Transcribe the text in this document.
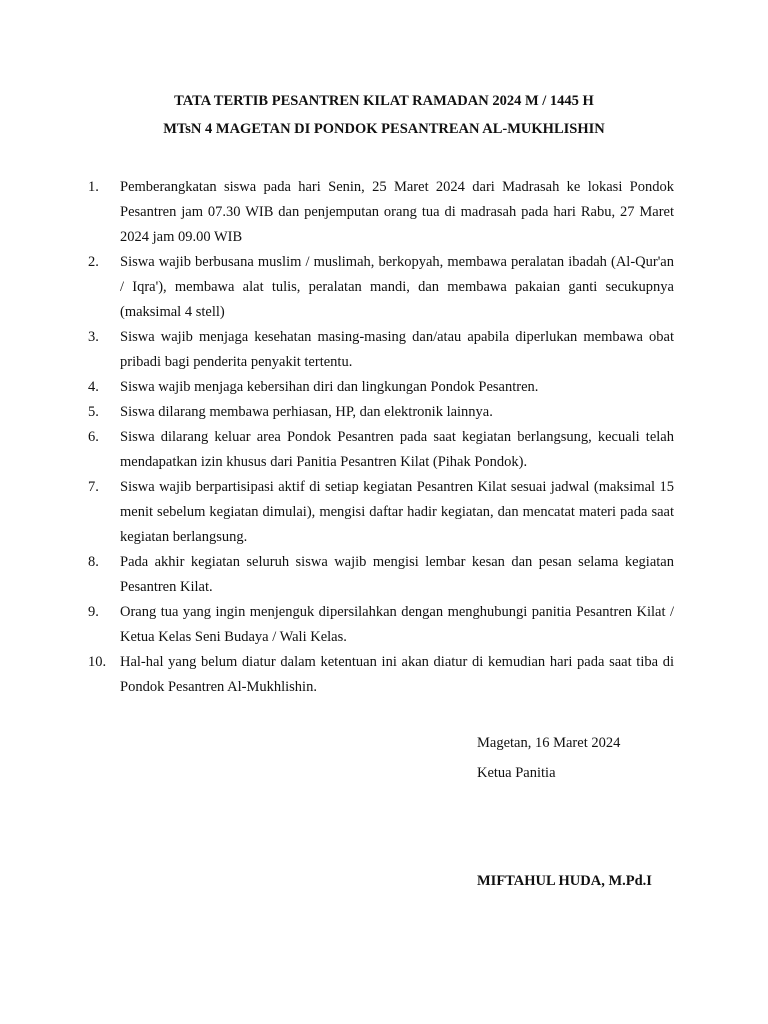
TATA TERTIB PESANTREN KILAT RAMADAN 2024 M / 1445 H
MTsN 4 MAGETAN DI PONDOK PESANTREAN AL-MUKHLISHIN
1.	Pemberangkatan siswa pada hari Senin, 25 Maret 2024 dari Madrasah ke lokasi Pondok Pesantren jam 07.30 WIB dan penjemputan orang tua di madrasah pada hari Rabu, 27 Maret 2024 jam 09.00 WIB
2.	Siswa wajib berbusana muslim / muslimah, berkopyah, membawa peralatan ibadah (Al-Qur'an / Iqra'), membawa alat tulis, peralatan mandi, dan membawa pakaian ganti secukupnya (maksimal 4 stell)
3.	Siswa wajib menjaga kesehatan masing-masing dan/atau apabila diperlukan membawa obat pribadi bagi penderita penyakit tertentu.
4.	Siswa wajib menjaga kebersihan diri dan lingkungan Pondok Pesantren.
5.	Siswa dilarang membawa perhiasan, HP, dan elektronik lainnya.
6.	Siswa dilarang keluar area Pondok Pesantren pada saat kegiatan berlangsung, kecuali telah mendapatkan izin khusus dari Panitia Pesantren Kilat (Pihak Pondok).
7.	Siswa wajib berpartisipasi aktif di setiap kegiatan Pesantren Kilat sesuai jadwal (maksimal 15 menit sebelum kegiatan dimulai), mengisi daftar hadir kegiatan, dan mencatat materi pada saat kegiatan berlangsung.
8.	Pada akhir kegiatan seluruh siswa wajib mengisi lembar kesan dan pesan selama kegiatan Pesantren Kilat.
9.	Orang tua yang ingin menjenguk dipersilahkan dengan menghubungi panitia Pesantren Kilat / Ketua Kelas Seni Budaya / Wali Kelas.
10. Hal-hal yang belum diatur dalam ketentuan ini akan diatur di kemudian hari pada saat tiba di Pondok Pesantren Al-Mukhlishin.

Magetan, 16 Maret 2024

Ketua Panitia

MIFTAHUL HUDA, M.Pd.I
